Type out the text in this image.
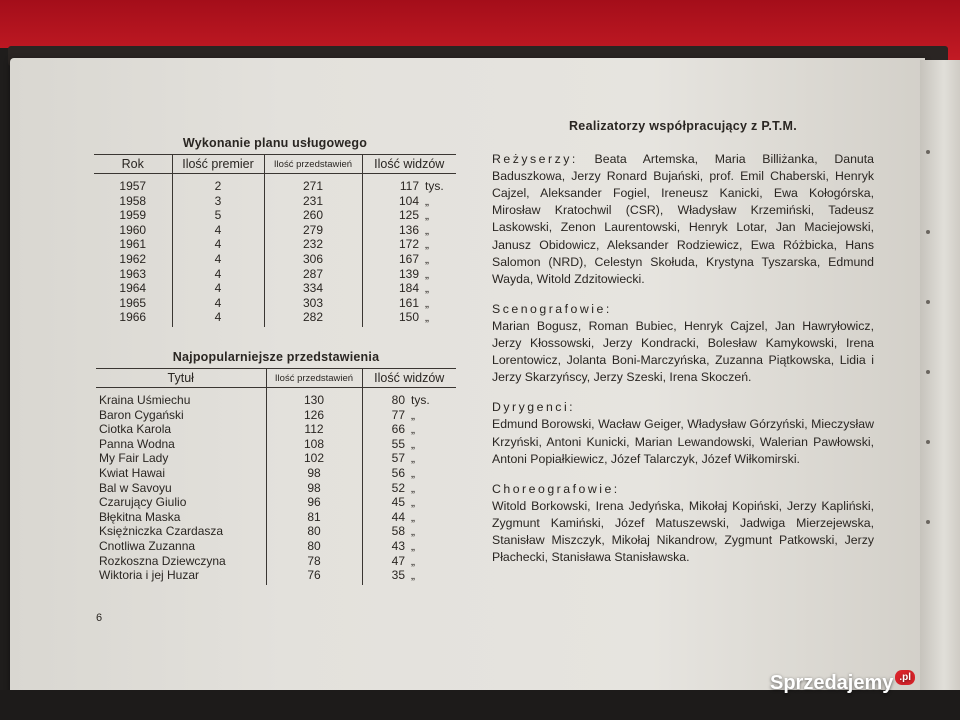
Wykonanie planu usługowego
Rok	Ilość premier	Ilość przedstawień	Ilość widzów	
1957	2	271	117	tys.
1958	3	231	104	„
1959	5	260	125	„
1960	4	279	136	„
1961	4	232	172	„
1962	4	306	167	„
1963	4	287	139	„
1964	4	334	184	„
1965	4	303	161	„
1966	4	282	150	„
Najpopularniejsze przedstawienia
Tytuł	Ilość przedstawień	Ilość widzów	
Kraina Uśmiechu	130	80	tys.
Baron Cygański	126	77	„
Ciotka Karola	112	66	„
Panna Wodna	108	55	„
My Fair Lady	102	57	„
Kwiat Hawai	98	56	„
Bal w Savoyu	98	52	„
Czarujący Giulio	96	45	„
Błękitna Maska	81	44	„
Księżniczka Czardasza	80	58	„
Cnotliwa Zuzanna	80	43	„
Rozkoszna Dziewczyna	78	47	„
Wiktoria i jej Huzar	76	35	„
Realizatorzy współpracujący z P.T.M.

Reżyserzy: Beata Artemska, Maria Billiżanka, Danuta Baduszkowa, Jerzy Ronard Bujański, prof. Emil Chaberski, Henryk Cajzel, Aleksander Fogiel, Ireneusz Kanicki, Ewa Kołogórska, Mirosław Kratochwil (CSR), Władysław Krzemiński, Tadeusz Laskowski, Zenon Laurentowski, Henryk Lotar, Jan Maciejowski, Janusz Obidowicz, Aleksander Rodziewicz, Ewa Różbicka, Hans Salomon (NRD), Celestyn Skołuda, Krystyna Tyszarska, Edmund Wayda, Witold Zdzitowiecki.

Scenografowie:
Marian Bogusz, Roman Bubiec, Henryk Cajzel, Jan Hawryłowicz, Jerzy Kłossowski, Jerzy Kondracki, Bolesław Kamykowski, Irena Lorentowicz, Jolanta Boni-Marczyńska, Zuzanna Piątkowska, Lidia i Jerzy Skarzyńscy, Jerzy Szeski, Irena Skoczeń.

Dyrygenci:
Edmund Borowski, Wacław Geiger, Władysław Górzyński, Mieczysław Krzyński, Antoni Kunicki, Marian Lewandowski, Walerian Pawłowski, Antoni Popiałkiewicz, Józef Talarczyk, Józef Wiłkomirski.

Choreografowie:
Witold Borkowski, Irena Jedyńska, Mikołaj Kopiński, Jerzy Kapliński, Zygmunt Kamiński, Józef Matuszewski, Jadwiga Mierzejewska, Stanisław Miszczyk, Mikołaj Nikandrow, Zygmunt Patkowski, Jerzy Płachecki, Stanisława Stanisławska.

6
Sprzedajemy $^{.pl}$
